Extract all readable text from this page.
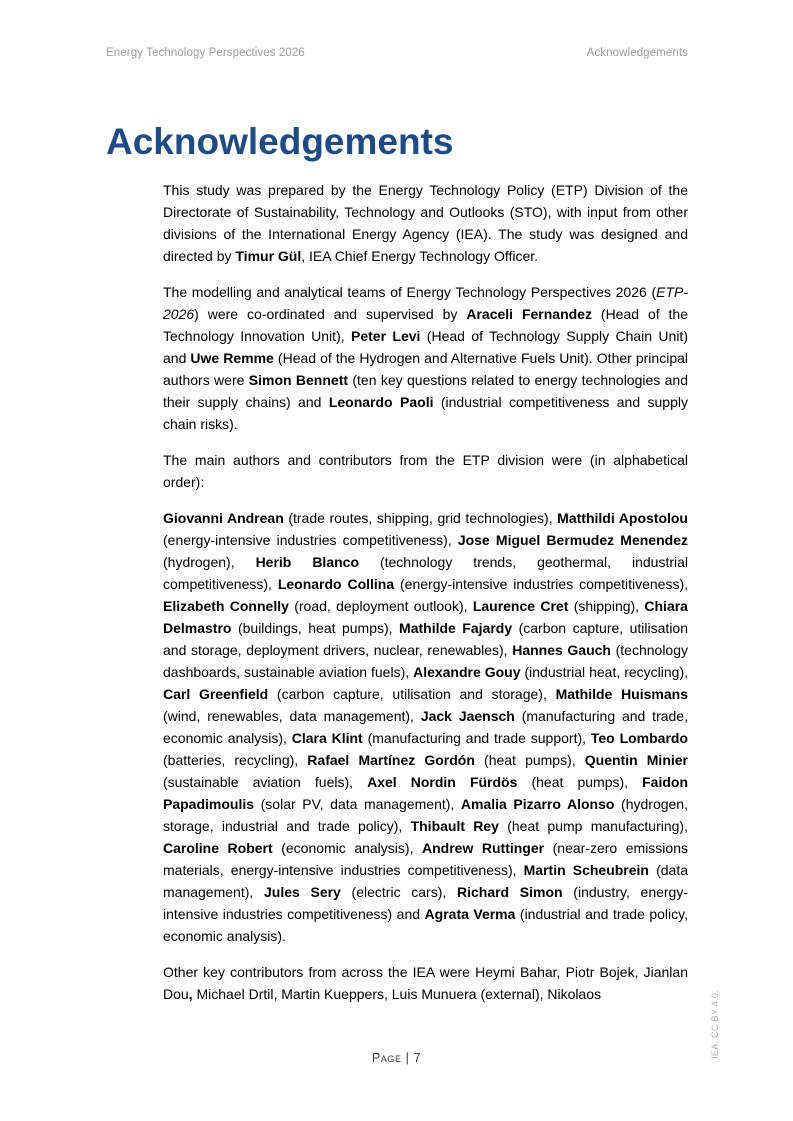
Energy Technology Perspectives 2026	Acknowledgements
Acknowledgements

This study was prepared by the Energy Technology Policy (ETP) Division of the Directorate of Sustainability, Technology and Outlooks (STO), with input from other divisions of the International Energy Agency (IEA). The study was designed and directed by Timur Gül, IEA Chief Energy Technology Officer.

The modelling and analytical teams of Energy Technology Perspectives 2026 (ETP-2026) were co-ordinated and supervised by Araceli Fernandez (Head of the Technology Innovation Unit), Peter Levi (Head of Technology Supply Chain Unit) and Uwe Remme (Head of the Hydrogen and Alternative Fuels Unit). Other principal authors were Simon Bennett (ten key questions related to energy technologies and their supply chains) and Leonardo Paoli (industrial competitiveness and supply chain risks).

The main authors and contributors from the ETP division were (in alphabetical order):

Giovanni Andrean (trade routes, shipping, grid technologies), Matthildi Apostolou (energy-intensive industries competitiveness), Jose Miguel Bermudez Menendez (hydrogen), Herib Blanco (technology trends, geothermal, industrial competitiveness), Leonardo Collina (energy-intensive industries competitiveness), Elizabeth Connelly (road, deployment outlook), Laurence Cret (shipping), Chiara Delmastro (buildings, heat pumps), Mathilde Fajardy (carbon capture, utilisation and storage, deployment drivers, nuclear, renewables), Hannes Gauch (technology dashboards, sustainable aviation fuels), Alexandre Gouy (industrial heat, recycling), Carl Greenfield (carbon capture, utilisation and storage), Mathilde Huismans (wind, renewables, data management), Jack Jaensch (manufacturing and trade, economic analysis), Clara Klint (manufacturing and trade support), Teo Lombardo (batteries, recycling), Rafael Martínez Gordón (heat pumps), Quentin Minier (sustainable aviation fuels), Axel Nordin Fürdös (heat pumps), Faidon Papadimoulis (solar PV, data management), Amalia Pizarro Alonso (hydrogen, storage, industrial and trade policy), Thibault Rey (heat pump manufacturing), Caroline Robert (economic analysis), Andrew Ruttinger (near-zero emissions materials, energy-intensive industries competitiveness), Martin Scheubrein (data management), Jules Sery (electric cars), Richard Simon (industry, energy-intensive industries competitiveness) and Agrata Verma (industrial and trade policy, economic analysis).

Other key contributors from across the IEA were Heymi Bahar, Piotr Bojek, Jianlan Dou, Michael Drtil, Martin Kueppers, Luis Munuera (external), Nikolaos

Page | 7	IEA. CC BY 4.0.
